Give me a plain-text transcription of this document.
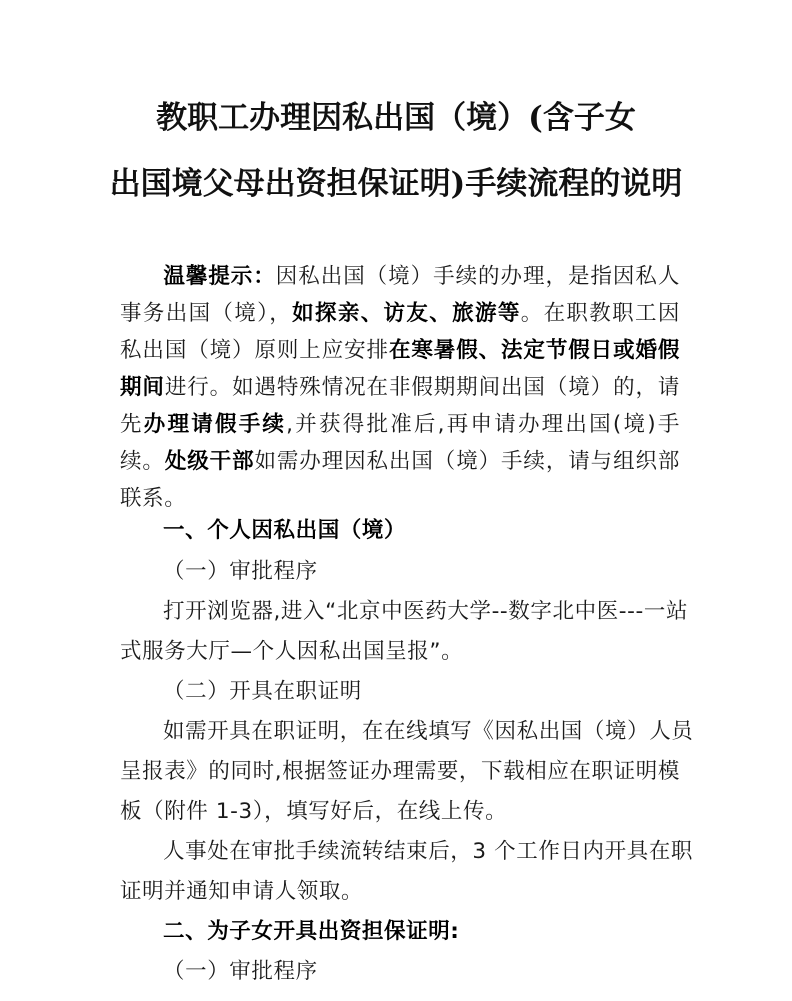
教职工办理因私出国（境）(含子女
出国境父母出资担保证明)手续流程的说明
温馨提示：因私出国（境）手续的办理，是指因私人事务出国（境），如探亲、访友、旅游等。在职教职工因私出国（境）原则上应安排在寒暑假、法定节假日或婚假期间进行。如遇特殊情况在非假期期间出国（境）的，请先办理请假手续,并获得批准后,再申请办理出国(境)手续。处级干部如需办理因私出国（境）手续，请与组织部联系。
一、个人因私出国（境）
（一）审批程序
打开浏览器,进入“北京中医药大学--数字北中医---一站
式服务大厅—个人因私出国呈报”。
（二）开具在职证明
如需开具在职证明，在在线填写《因私出国（境）人员
呈报表》的同时,根据签证办理需要，下载相应在职证明模
板（附件 1-3），填写好后，在线上传。
人事处在审批手续流转结束后，3 个工作日内开具在职
证明并通知申请人领取。
二、为子女开具出资担保证明:
（一）审批程序
